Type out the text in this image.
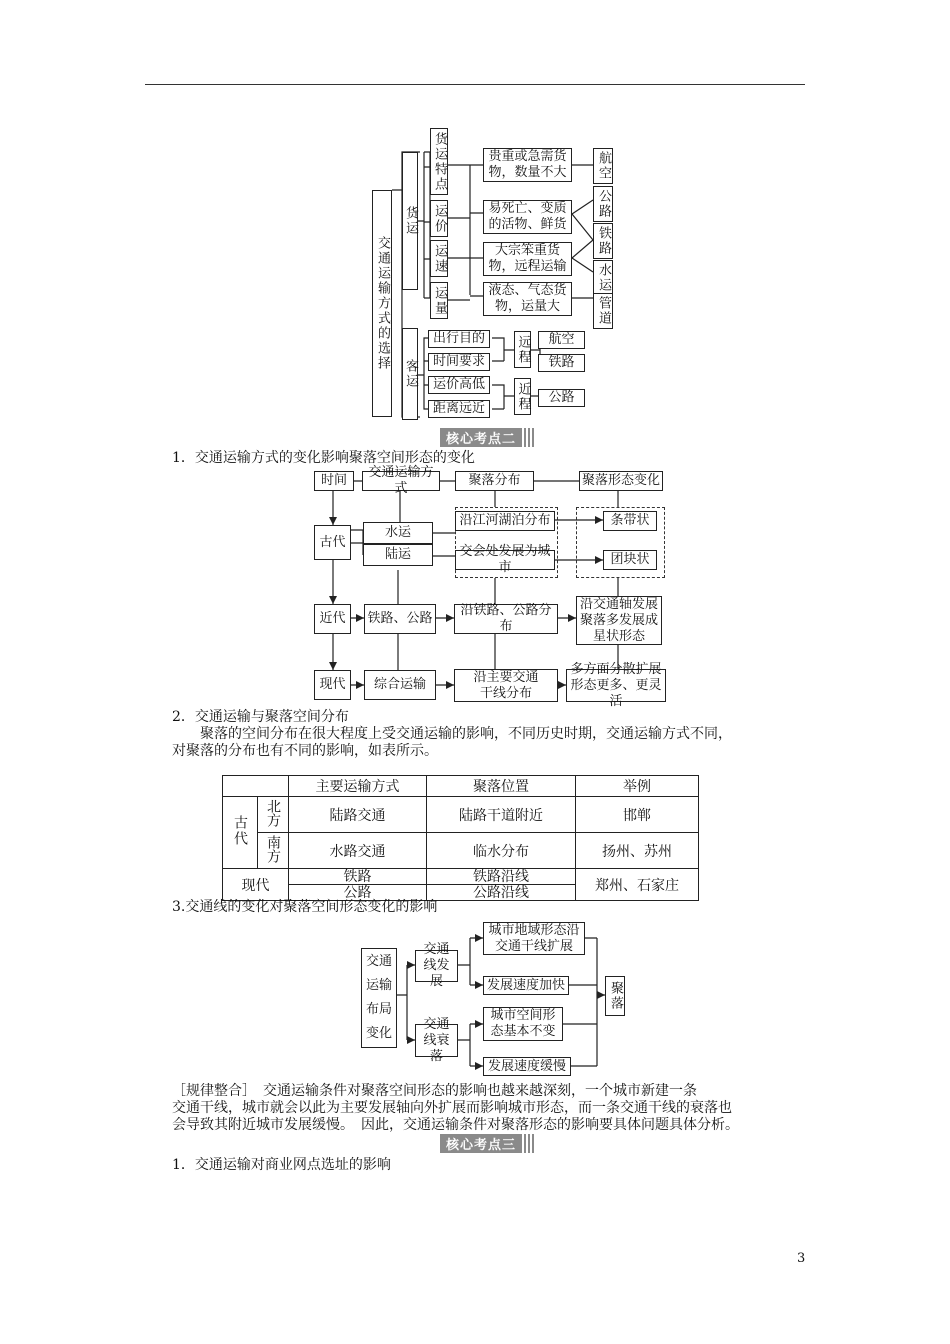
交通运输方式的选择
货运
货运特点
运价
运速
运量
贵重或急需货物，数量不大
易死亡、变质的活物、鲜货
大宗笨重货物，远程运输
液态、气态货物，运量大
航空
公路
铁路
水运
管道
客运
出行目的
时间要求
运价高低
距离远近
远程
近程
航空
铁路
公路
核心考点二
1．交通运输方式的变化影响聚落空间形态的变化
时间
交通运输方式
聚落分布	聚落形态变化
古代
水运
陆运
沿江河湖泊分布
交会处发展为城市
条带状
团块状
近代	铁路、公路
沿铁路、公路分布
沿交通轴发展聚落多发展成星状形态
现代	综合运输	沿主要交通干线分布
多方面分散扩展形态更多、更灵活
2．交通运输与聚落空间分布
聚落的空间分布在很大程度上受交通运输的影响，不同历史时期，交通运输方式不同，
对聚落的分布也有不同的影响，如表所示。
		主要运输方式	聚落位置	举例
古代	北方	陆路交通	陆路干道附近	邯郸
	南方	水路交通	临水分布	扬州、苏州
现代		铁路	铁路沿线	郑州、石家庄
		公路	公路沿线	
3.交通线的变化对聚落空间形态变化的影响
交通运输布局变化
交通线发展
交通线衰落
城市地域形态沿交通干线扩展
发展速度加快
城市空间形态基本不变
发展速度缓慢
聚落
［规律整合］　交通运输条件对聚落空间形态的影响也越来越深刻，一个城市新建一条
交通干线，城市就会以此为主要发展轴向外扩展而影响城市形态，而一条交通干线的衰落也
会导致其附近城市发展缓慢。　因此，交通运输条件对聚落形态的影响要具体问题具体分析。
核心考点三
1．交通运输对商业网点选址的影响
3
